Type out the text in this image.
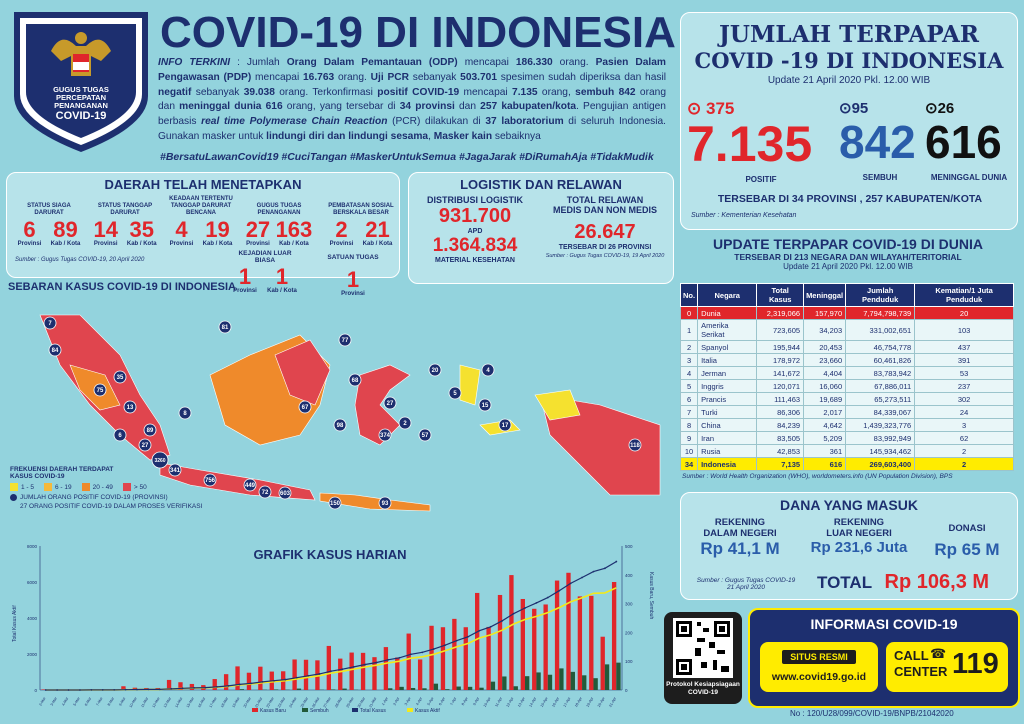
GUGUS TUGAS
PERCEPATAN
PENANGANAN
COVID-19
COVID-19 DI INDONESIA
INFO TERKINI : Jumlah Orang Dalam Pemantauan (ODP) mencapai 186.330 orang. Pasien Dalam Pengawasan (PDP) mencapai 16.763 orang. Uji PCR sebanyak 503.701 spesimen sudah diperiksa dan hasil negatif sebanyak 39.038 orang. Terkonfirmasi positif COVID-19 mencapai 7.135 orang, sembuh 842 orang dan meninggal dunia 616 orang, yang tersebar di 34 provinsi dan 257 kabupaten/kota. Pengujian antigen berbasis real time Polymerase Chain Reaction (PCR) dilakukan di 37 laboratorium di seluruh Indonesia. Gunakan masker untuk lindungi diri dan lindungi sesama, Masker kain sebaiknya
#BersatuLawanCovid19 #CuciTangan #MaskerUntukSemua #JagaJarak #DiRumahAja #TidakMudik
JUMLAH TERPAPAR
COVID -19 DI INDONESIA
Update 21 April 2020 Pkl. 12.00 WIB
⊙ 375
7.135
POSITIF
⊙95
842
SEMBUH
⊙26
616
MENINGGAL DUNIA
TERSEBAR DI 34 PROVINSI , 257 KABUPATEN/KOTA
Sumber : Kementerian Kesehatan
DAERAH TELAH MENETAPKAN
STATUS SIAGA DARURAT
6
Provinsi
89
Kab / Kota
STATUS TANGGAP DARURAT
14
Provinsi
35
Kab / Kota
KEADAAN TERTENTU TANGGAP DARURAT BENCANA
4
Provinsi
19
Kab / Kota
GUGUS TUGAS PENANGANAN
27
Provinsi
163
Kab / Kota
PEMBATASAN SOSIAL BERSKALA BESAR
2
Provinsi
21
Kab / Kota
Sumber : Gugus Tugas COVID-19, 20 April 2020
KEJADIAN LUAR BIASA
1
Provinsi
1
Kab / Kota
SATUAN TUGAS
1
Provinsi
LOGISTIK DAN RELAWAN
DISTRIBUSI LOGISTIK
931.700
APD
1.364.834
MATERIAL KESEHATAN
TOTAL RELAWAN
MEDIS DAN NON MEDIS
26.647
TERSEBAR DI 26 PROVINSI
Sumber : Gugus Tugas COVID-19, 19 April 2020
SEBARAN KASUS COVID-19 DI INDONESIA
7
81
84
35
75
13
89
8
6
27
3260
341
756
449
72 603
150	93
77
68
67
98
27
374	57
20	4
15
17
118
2
5
FREKUENSI DAERAH TERDAPAT KASUS COVID-19
1 - 5	6 - 19	20 - 49	> 50
JUMLAH ORANG POSITIF COVID-19 (PROVINSI)
27 ORANG POSITIF COVID-19 DALAM PROSES VERIFIKASI
GRAFIK KASUS HARIAN
0
2000
4000
6000
8000
0
100
200
300
400
500
Total Kasus Aktif
Kasus Baru, Sembuh
2-Mar 3-Mar 4-Mar 5-Mar 6-Mar 7-Mar 8-Mar 9-Mar 10-Mar 11-Mar 12-Mar 13-Mar 14-Mar 15-Mar 16-Mar 17-Mar 18-Mar 19-Mar 20-Mar 21-Mar 22-Mar 23-Mar 24-Mar 25-Mar 26-Mar 27-Mar 28-Mar 29-Mar 30-Mar 31-Mar 1-Apr 2-Apr 3-Apr 4-Apr 5-Apr 6-Apr 7-Apr 8-Apr 9-Apr 10-Apr 11-Apr 12-Apr 13-Apr 14-Apr 15-Apr 16-Apr 17-Apr 18-Apr 19-Apr 20-Apr 21-Apr
Kasus Baru	Sembuh	Total Kasus	Kasus Aktif
UPDATE TERPAPAR COVID-19 DI DUNIA
TERSEBAR DI 213 NEGARA DAN WILAYAH/TERITORIAL
Update 21 April 2020 Pkl. 12.00 WIB
No.	Negara	Total Kasus	Meninggal	Jumlah Penduduk	Kematian/1 Juta Penduduk
0	Dunia	2,319,066	157,970	7,794,798,739	20
1	Amerika Serikat	723,605	34,203	331,002,651	103
2	Spanyol	195,944	20,453	46,754,778	437
3	Italia	178,972	23,660	60,461,826	391
4	Jerman	141,672	4,404	83,783,942	53
5	Inggris	120,071	16,060	67,886,011	237
6	Prancis	111,463	19,689	65,273,511	302
7	Turki	86,306	2,017	84,339,067	24
8	China	84,239	4,642	1,439,323,776	3
9	Iran	83,505	5,209	83,992,949	62
10	Rusia	42,853	361	145,934,462	2
34	Indonesia	7,135	616	269,603,400	2
Sumber : World Health Organization (WHO), worldometers.info (UN Population Division), BPS
DANA YANG MASUK
REKENING
DALAM NEGERI
Rp 41,1 M
REKENING
LUAR NEGERI
Rp 231,6 Juta
DONASI
Rp 65 M
Sumber : Gugus Tugas COVID-19
21 April 2020	TOTAL Rp 106,3 M
Protokol Kesiapsiagaan COVID-19
INFORMASI COVID-19
SITUS RESMI
www.covid19.go.id
CALL
CENTER
☎ 119
No : 120/U28/099/COVID-19/BNPB/21042020
